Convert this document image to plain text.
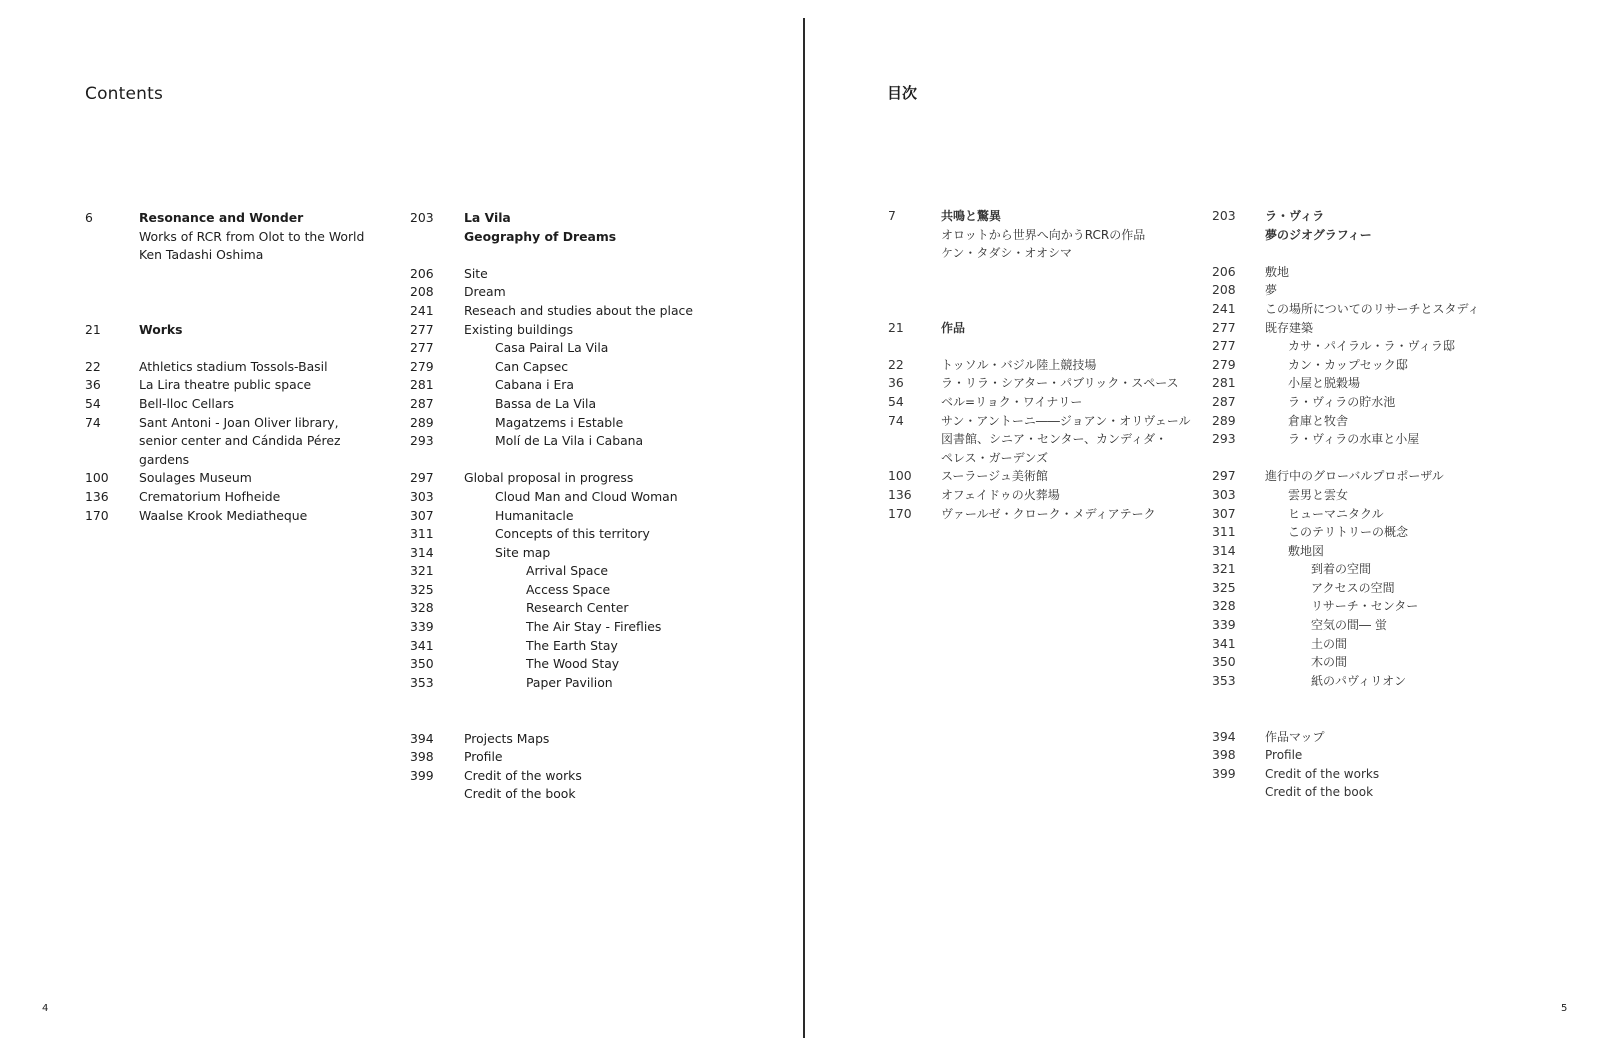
Contents
6	Resonance and Wonder
Works of RCR from Olot to the World
Ken Tadashi Oshima
21	Works
22	Athletics stadium Tossols-Basil
36	La Lira theatre public space
54	Bell-lloc Cellars
74	Sant Antoni - Joan Oliver library,
senior center and Cándida Pérez
gardens
100 Soulages Museum
136 Crematorium Hofheide
170 Waalse Krook Mediatheque
203 La Vila
Geography of Dreams
206 Site
208 Dream
241 Reseach and studies about the place
277 Existing buildings
277	Casa Pairal La Vila
279	Can Capsec
281	Cabana i Era
287	Bassa de La Vila
289	Magatzems i Estable
293	Molí de La Vila i Cabana
297 Global proposal in progress
303	Cloud Man and Cloud Woman
307	Humanitacle
311	Concepts of this territory
314	Site map
321	Arrival Space
325	Access Space
328	Research Center
339	The Air Stay - Fireflies
341	The Earth Stay
350	The Wood Stay
353	Paper Pavilion
394 Projects Maps
398 Profile
399 Credit of the works
Credit of the book
4
目次
7	共鳴と驚異
オロットから世界へ向かうRCRの作品
ケン・タダシ・オオシマ
21	作品
22	トッソル・バジル陸上競技場
36	ラ・リラ・シアター・パブリック・スペース
54	ベル=リョク・ワイナリー
74	サン・アントーニ――ジョアン・オリヴェール
図書館、シニア・センター、カンディダ・
ペレス・ガーデンズ
100 スーラージュ美術館
136 オフェイドゥの火葬場
170 ヴァールゼ・クローク・メディアテーク
203 ラ・ヴィラ
夢のジオグラフィー
206 敷地
208 夢
241 この場所についてのリサーチとスタディ
277 既存建築
277	カサ・パイラル・ラ・ヴィラ邸
279	カン・カップセック邸
281	小屋と脱穀場
287	ラ・ヴィラの貯水池
289	倉庫と牧舎
293	ラ・ヴィラの水車と小屋
297 進行中のグローバルプロポーザル
303	雲男と雲女
307	ヒューマニタクル
311	このテリトリーの概念
314	敷地図
321	到着の空間
325	アクセスの空間
328	リサーチ・センター
339	空気の間― 蛍
341	土の間
350	木の間
353	紙のパヴィリオン
394 作品マップ
398 Profile
399 Credit of the works
Credit of the book
5
